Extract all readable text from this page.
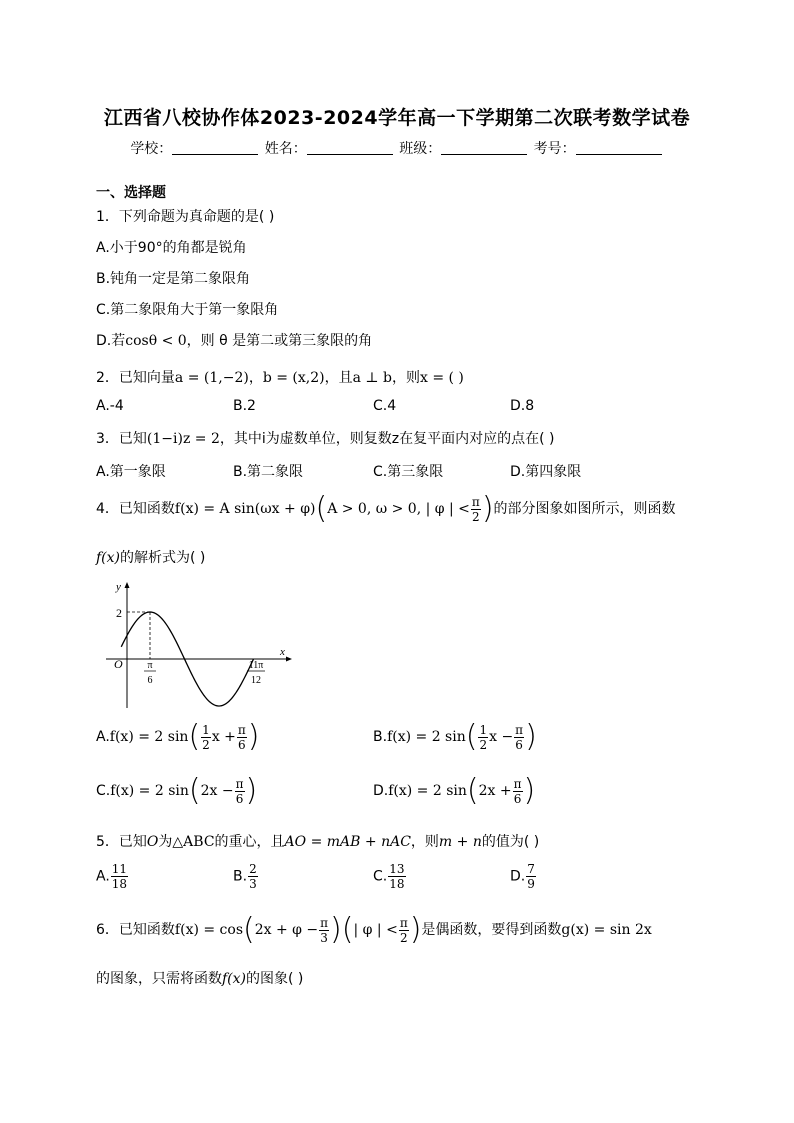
江西省八校协作体2023-2024学年高一下学期第二次联考数学试卷
学校：	姓名：	班级：	考号：
一、选择题
1．下列命题为真命题的是( )
A.小于90°的角都是锐角
B.钝角一定是第二象限角
C.第二象限角大于第一象限角
D.若cosθ < 0，则 θ 是第二或第三象限的角
2．已知向量a = (1,−2)，b = (x,2)，且a ⊥ b，则x = ( )
A.-4	B.2	C.4	D.8
3．已知(1−i)z = 2，其中i为虚数单位，则复数z在复平面内对应的点在( )
A.第一象限	B.第二象限	C.第三象限	D.第四象限
4．已知函数f(x) = A sin(ωx + φ)(A > 0, ω > 0, | φ | < $\frac{\pi}{2}$ )的部分图象如图所示，则函数
f(x)的解析式为( )
y
x
O
2
π
6
11π
12
A.f(x) = 2 $\sin( \frac{1}{2}$ $x + \frac{\pi}{6}$ )	B.f(x) = 2 $\sin( \frac{1}{2}$ $x - \frac{\pi}{6}$ )
C.f(x) = 2 $\sin(2x - \frac{\pi}{6}$ )	D.f(x) = 2 $\sin(2x + \frac{\pi}{6}$ )
5．已知O为△ABC的重心，且AO = mAB + nAC，则m + n的值为( )
A. $\frac{11}{18}$	B. $\frac{2}{3}$	C. $\frac{13}{18}$	D. $\frac{7}{9}$
6．已知函数$f(x) = \cos(2x + \varphi - \frac{\pi}{3}$ )(| φ | < $\frac{\pi}{2}$ )是偶函数，要得到函数g(x) = sin 2x
的图象，只需将函数f(x)的图象( )
